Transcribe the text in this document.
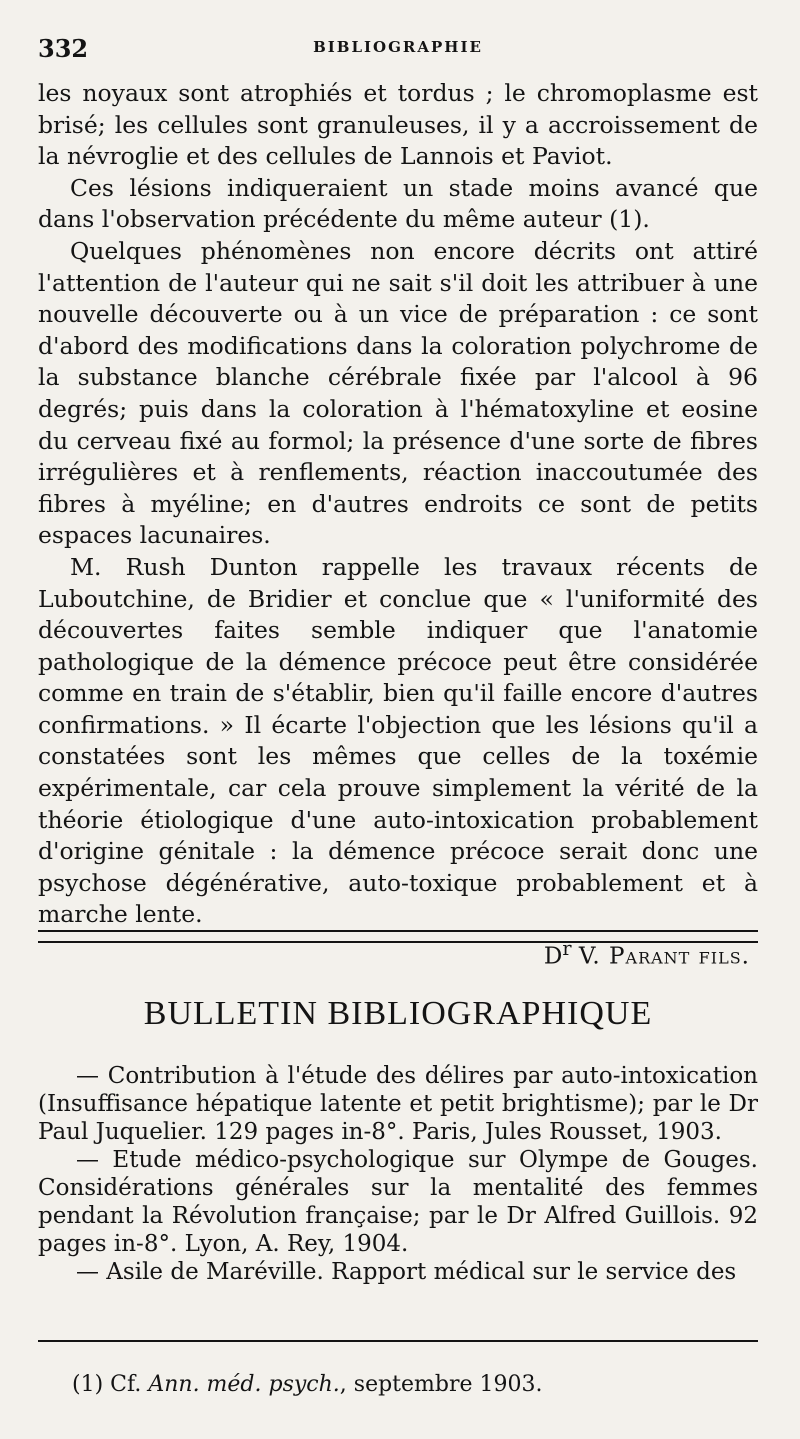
332	BIBLIOGRAPHIE

les noyaux sont atrophiés et tordus ; le chromoplasme est brisé; les cellules sont granuleuses, il y a accroissement de la névroglie et des cellules de Lannois et Paviot.

Ces lésions indiqueraient un stade moins avancé que dans l'observation précédente du même auteur (1).

Quelques phénomènes non encore décrits ont attiré l'attention de l'auteur qui ne sait s'il doit les attribuer à une nouvelle découverte ou à un vice de préparation : ce sont d'abord des modifications dans la coloration polychrome de la substance blanche cérébrale fixée par l'alcool à 96 degrés; puis dans la coloration à l'hématoxyline et eosine du cerveau fixé au formol; la présence d'une sorte de fibres irrégulières et à renflements, réaction inaccoutumée des fibres à myéline; en d'autres endroits ce sont de petits espaces lacunaires.

M. Rush Dunton rappelle les travaux récents de Luboutchine, de Bridier et conclue que « l'uniformité des découvertes faites semble indiquer que l'anatomie pathologique de la démence précoce peut être considérée comme en train de s'établir, bien qu'il faille encore d'autres confirmations. » Il écarte l'objection que les lésions qu'il a constatées sont les mêmes que celles de la toxémie expérimentale, car cela prouve simplement la vérité de la théorie étiologique d'une auto-intoxication probablement d'origine génitale : la démence précoce serait donc une psychose dégénérative, auto-toxique probablement et à marche lente.

$D^r$ V. Parant fils.
BULLETIN BIBLIOGRAPHIQUE

— Contribution à l'étude des délires par auto-intoxication (Insuffisance hépatique latente et petit brightisme); par le Dr Paul Juquelier. 129 pages in-8°. Paris, Jules Rousset, 1903.

— Etude médico-psychologique sur Olympe de Gouges. Considérations générales sur la mentalité des femmes pendant la Révolution française; par le Dr Alfred Guillois. 92 pages in-8°. Lyon, A. Rey, 1904.

— Asile de Maréville. Rapport médical sur le service des

(1) Cf. Ann. méd. psych., septembre 1903.
